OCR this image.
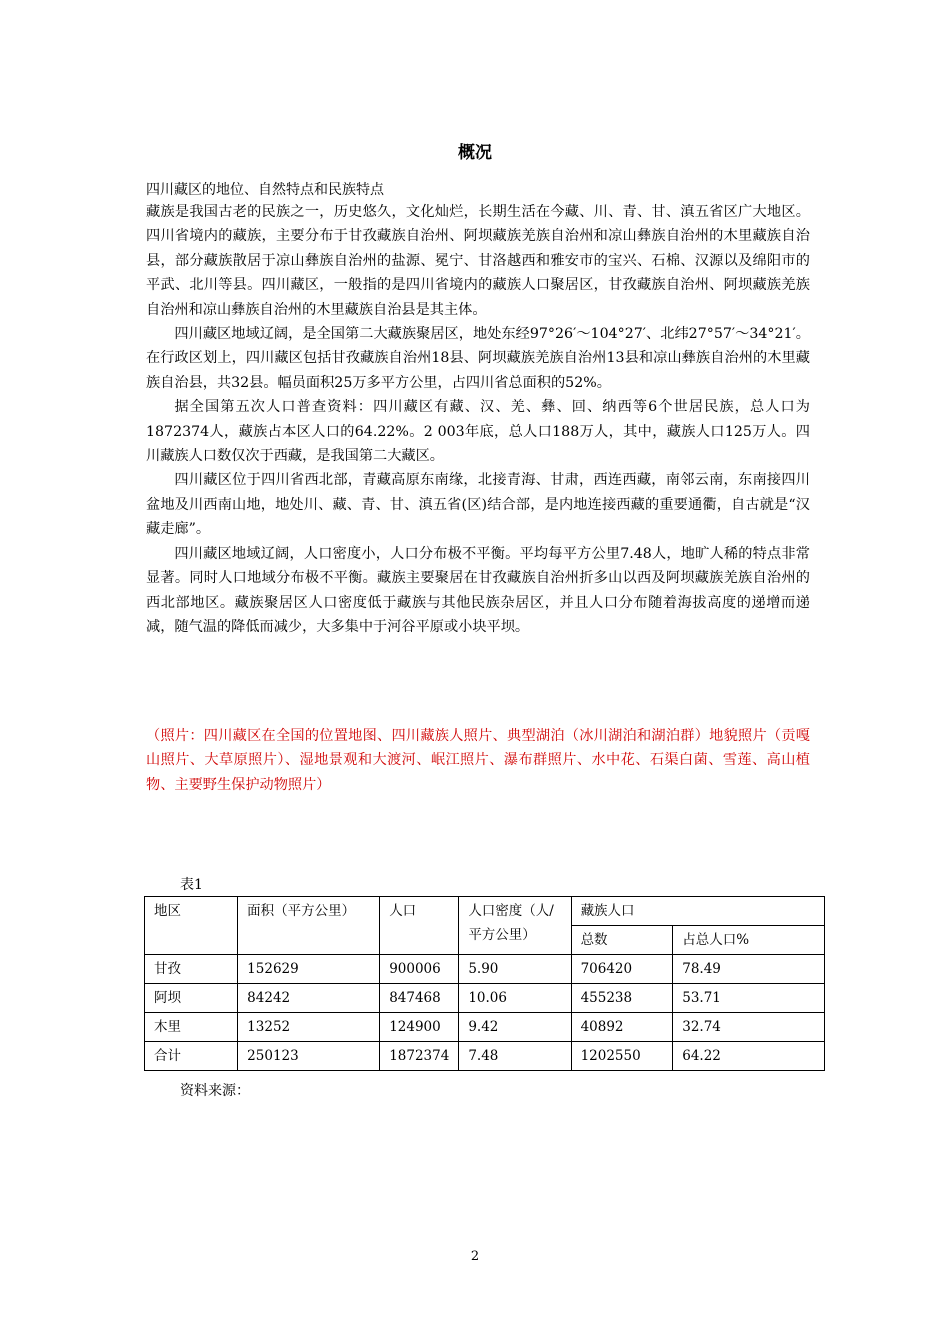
概况
四川藏区的地位、自然特点和民族特点

藏族是我国古老的民族之一，历史悠久，文化灿烂，长期生活在今藏、川、青、甘、滇五省区广大地区。四川省境内的藏族，主要分布于甘孜藏族自治州、阿坝藏族羌族自治州和凉山彝族自治州的木里藏族自治县，部分藏族散居于凉山彝族自治州的盐源、冕宁、甘洛越西和雅安市的宝兴、石棉、汉源以及绵阳市的平武、北川等县。四川藏区，一般指的是四川省境内的藏族人口聚居区，甘孜藏族自治州、阿坝藏族羌族自治州和凉山彝族自治州的木里藏族自治县是其主体。

四川藏区地域辽阔，是全国第二大藏族聚居区，地处东经97°26′～104°27′、北纬27°57′～34°21′。在行政区划上，四川藏区包括甘孜藏族自治州18县、阿坝藏族羌族自治州13县和凉山彝族自治州的木里藏族自治县，共32县。幅员面积25万多平方公里，占四川省总面积的52%。

据全国第五次人口普查资料：四川藏区有藏、汉、羌、彝、回、纳西等6个世居民族，总人口为1872374人，藏族占本区人口的64.22%。2 003年底，总人口188万人，其中，藏族人口125万人。四川藏族人口数仅次于西藏，是我国第二大藏区。

四川藏区位于四川省西北部，青藏高原东南缘，北接青海、甘肃，西连西藏，南邻云南，东南接四川盆地及川西南山地，地处川、藏、青、甘、滇五省(区)结合部，是内地连接西藏的重要通衢，自古就是“汉藏走廊”。

四川藏区地域辽阔，人口密度小，人口分布极不平衡。平均每平方公里7.48人，地旷人稀的特点非常显著。同时人口地域分布极不平衡。藏族主要聚居在甘孜藏族自治州折多山以西及阿坝藏族羌族自治州的西北部地区。藏族聚居区人口密度低于藏族与其他民族杂居区，并且人口分布随着海拔高度的递增而递减，随气温的降低而减少，大多集中于河谷平原或小块平坝。

（照片：四川藏区在全国的位置地图、四川藏族人照片、典型湖泊（冰川湖泊和湖泊群）地貌照片（贡嘎山照片、大草原照片）、湿地景观和大渡河、岷江照片、瀑布群照片、水中花、石渠白菌、雪莲、高山植物、主要野生保护动物照片）
表1
地区	面积（平方公里）	人口	人口密度（人/平方公里）	藏族人口	
				总数	占总人口%
甘孜	152629	900006	5.90	706420	78.49
阿坝	84242	847468	10.06	455238	53.71
木里	13252	124900	9.42	40892	32.74
合计	250123	1872374	7.48	1202550	64.22
资料来源：
2
